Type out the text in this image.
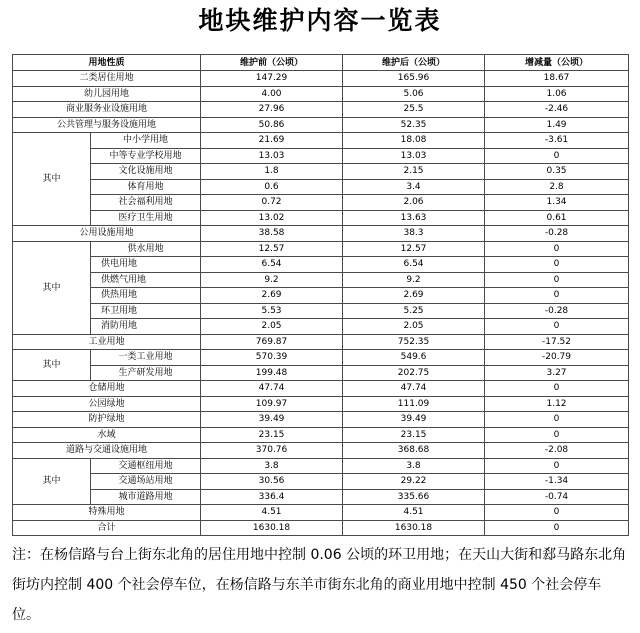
地块维护内容一览表
用地性质		维护前（公顷）	维护后（公顷）	增减量（公顷）
二类居住用地		147.29	165.96	18.67
幼儿园用地		4.00	5.06	1.06
商业服务业设施用地		27.96	25.5	-2.46
公共管理与服务设施用地		50.86	52.35	1.49
其中	中小学用地	21.69	18.08	-3.61
	中等专业学校用地	13.03	13.03	0
	文化设施用地	1.8	2.15	0.35
	体育用地	0.6	3.4	2.8
	社会福利用地	0.72	2.06	1.34
	医疗卫生用地	13.02	13.63	0.61
公用设施用地		38.58	38.3	-0.28
其中	供水用地	12.57	12.57	0
	供电用地	6.54	6.54	0
	供燃气用地	9.2	9.2	0
	供热用地	2.69	2.69	0
	环卫用地	5.53	5.25	-0.28
	消防用地	2.05	2.05	0
工业用地		769.87	752.35	-17.52
其中	一类工业用地	570.39	549.6	-20.79
	生产研发用地	199.48	202.75	3.27
仓储用地		47.74	47.74	0
公园绿地		109.97	111.09	1.12
防护绿地		39.49	39.49	0
水域		23.15	23.15	0
道路与交通设施用地		370.76	368.68	-2.08
其中	交通枢纽用地	3.8	3.8	0
	交通场站用地	30.56	29.22	-1.34
	城市道路用地	336.4	335.66	-0.74
特殊用地		4.51	4.51	0
合计		1630.18	1630.18	0
注：在杨信路与台上街东北角的居住用地中控制 0.06 公顷的环卫用地；在天山大街和郄马路东北角街坊内控制 400 个社会停车位，在杨信路与东羊市街东北角的商业用地中控制 450 个社会停车位。
